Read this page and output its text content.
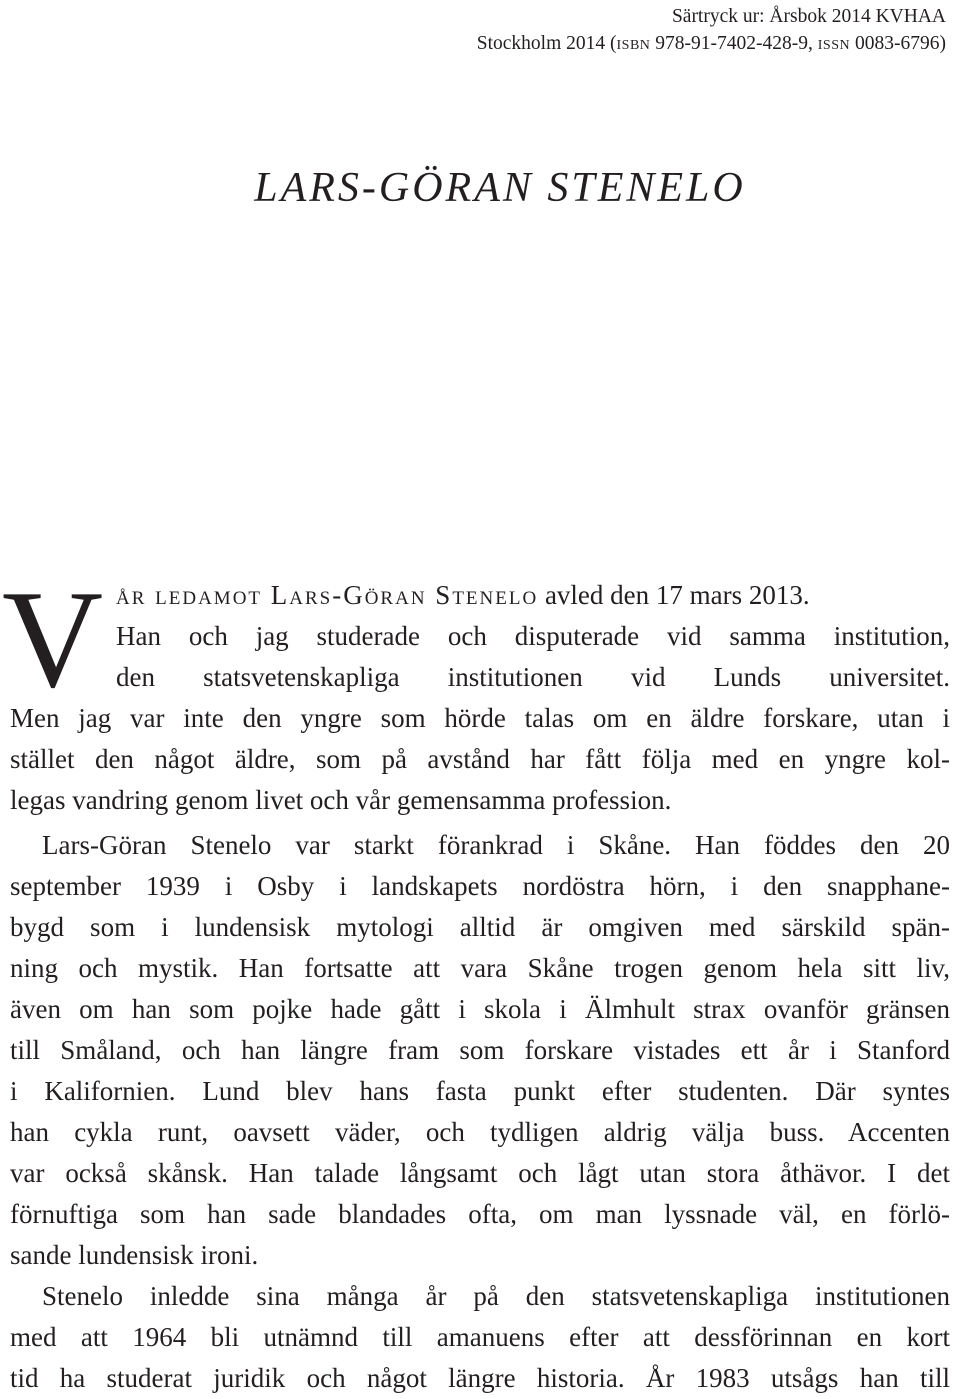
Särtryck ur: Årsbok 2014 KVHAA
Stockholm 2014 (isbn 978-91-7402-428-9, issn 0083-6796)
LARS-GÖRAN STENELO
V år ledamot Lars-Göran Stenelo avled den 17 mars 2013.
Han och jag studerade och disputerade vid samma institution,
den statsvetenskapliga institutionen vid Lunds universitet.
Men jag var inte den yngre som hörde talas om en äldre forskare, utan i
stället den något äldre, som på avstånd har fått följa med en yngre kol-
legas vandring genom livet och vår gemensamma profession.
Lars-Göran Stenelo var starkt förankrad i Skåne. Han föddes den 20
september 1939 i Osby i landskapets nordöstra hörn, i den snapphane-
bygd som i lundensisk mytologi alltid är omgiven med särskild spän-
ning och mystik. Han fortsatte att vara Skåne trogen genom hela sitt liv,
även om han som pojke hade gått i skola i Älmhult strax ovanför gränsen
till Småland, och han längre fram som forskare vistades ett år i Stanford
i Kalifornien. Lund blev hans fasta punkt efter studenten. Där syntes
han cykla runt, oavsett väder, och tydligen aldrig välja buss. Accenten
var också skånsk. Han talade långsamt och lågt utan stora åthävor. I det
förnuftiga som han sade blandades ofta, om man lyssnade väl, en förlö-
sande lundensisk ironi.
Stenelo inledde sina många år på den statsvetenskapliga institutionen
med att 1964 bli utnämnd till amanuens efter att dessförinnan en kort
tid ha studerat juridik och något längre historia. År 1983 utsågs han till
